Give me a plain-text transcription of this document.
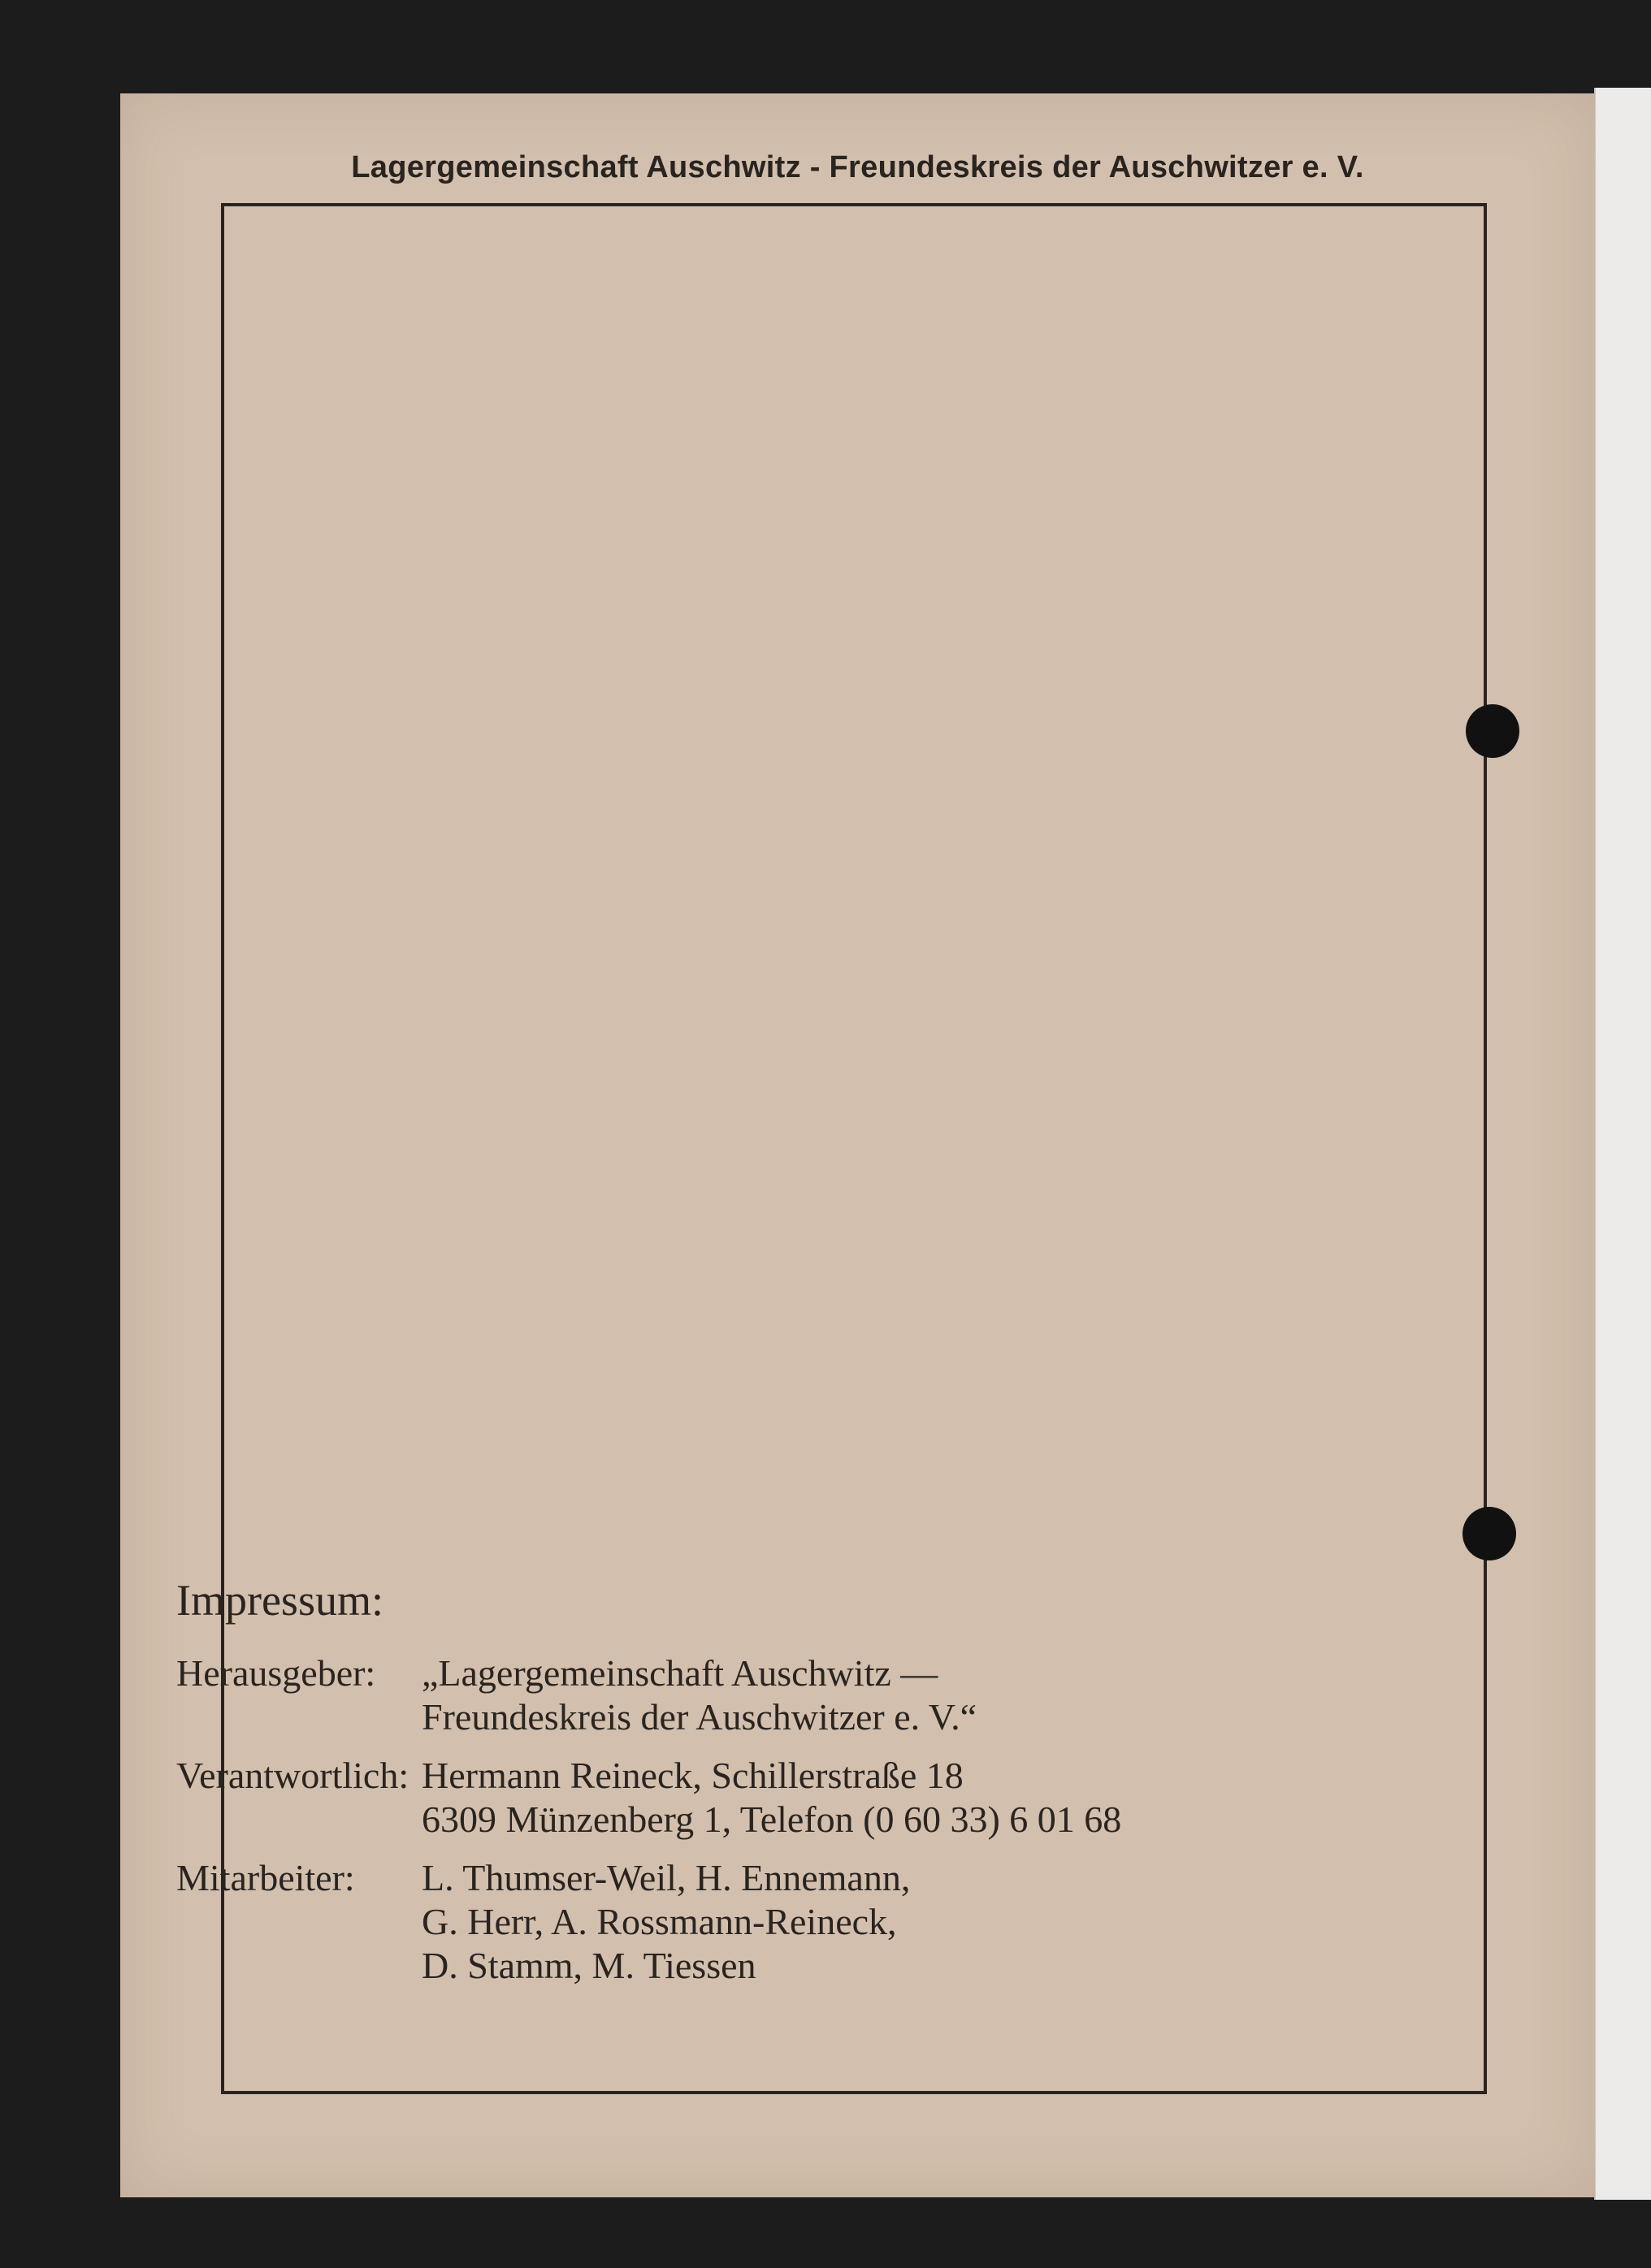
Lagergemeinschaft Auschwitz - Freundeskreis der Auschwitzer e. V.
Impressum:
Herausgeber:	„Lagergemeinschaft Auschwitz —
Freundeskreis der Auschwitzer e. V.“
Verantwortlich: Hermann Reineck, Schillerstraße 18
6309 Münzenberg 1, Telefon (0 60 33) 6 01 68
Mitarbeiter:	L. Thumser-Weil, H. Ennemann,
G. Herr, A. Rossmann-Reineck,
D. Stamm, M. Tiessen
